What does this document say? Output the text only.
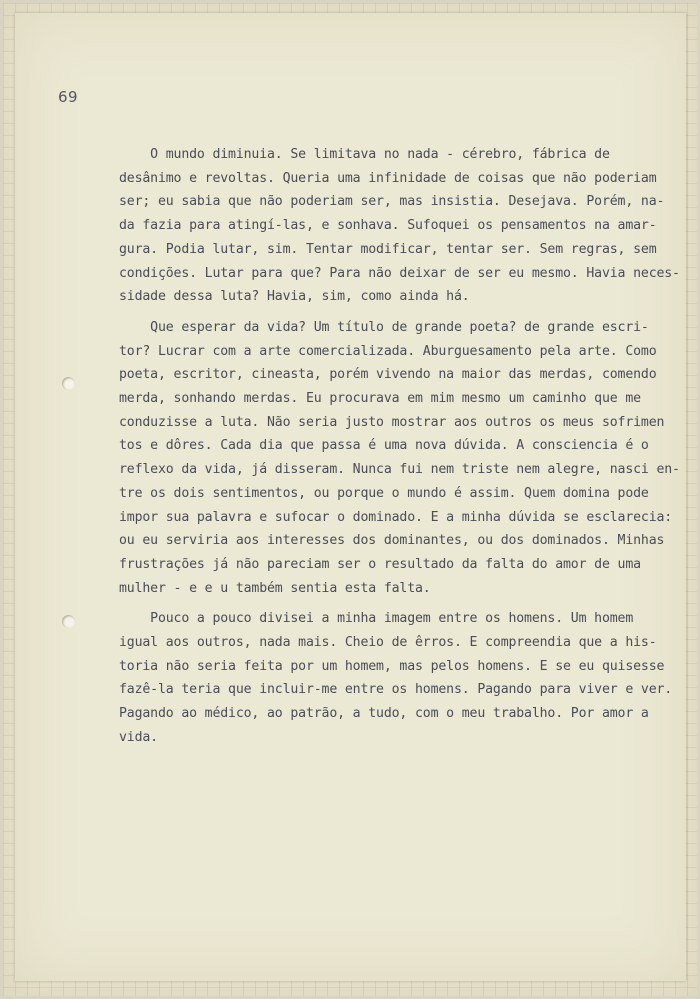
69
O mundo diminuia. Se limitava no nada - cérebro, fábrica de
desânimo e revoltas. Queria uma infinidade de coisas que não poderiam
ser; eu sabia que não poderiam ser, mas insistia. Desejava. Porém, na-
da fazia para atingí-las, e sonhava. Sufoquei os pensamentos na amar-
gura. Podia lutar, sim. Tentar modificar, tentar ser. Sem regras, sem
condições. Lutar para que? Para não deixar de ser eu mesmo. Havia neces-
sidade dessa luta? Havia, sim, como ainda há.
Que esperar da vida? Um título de grande poeta? de grande escri-
tor? Lucrar com a arte comercializada. Aburguesamento pela arte. Como
poeta, escritor, cineasta, porém vivendo na maior das merdas, comendo
merda, sonhando merdas. Eu procurava em mim mesmo um caminho que me
conduzisse a luta. Não seria justo mostrar aos outros os meus sofrimen
tos e dôres. Cada dia que passa é uma nova dúvida. A consciencia é o
reflexo da vida, já disseram. Nunca fui nem triste nem alegre, nasci en-
tre os dois sentimentos, ou porque o mundo é assim. Quem domina pode
impor sua palavra e sufocar o dominado. E a minha dúvida se esclarecia:
ou eu serviria aos interesses dos dominantes, ou dos dominados. Minhas
frustrações já não pareciam ser o resultado da falta do amor de uma
mulher - e e u também sentia esta falta.
Pouco a pouco divisei a minha imagem entre os homens. Um homem
igual aos outros, nada mais. Cheio de êrros. E compreendia que a his-
toria não seria feita por um homem, mas pelos homens. E se eu quisesse
fazê-la teria que incluir-me entre os homens. Pagando para viver e ver.
Pagando ao médico, ao patrão, a tudo, com o meu trabalho. Por amor a
vida.
